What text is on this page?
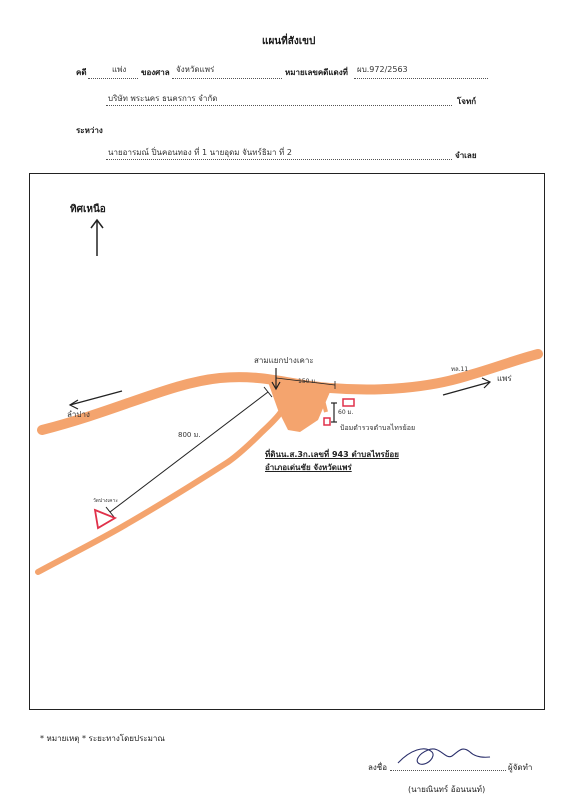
แผนที่สังเขป
คดี	แพ่ง ของศาล จังหวัดแพร่	หมายเลขคดีแดงที่ ผบ.972/2563
บริษัท พระนคร ธนครการ จำกัด	โจทก์
ระหว่าง
นายอารมณ์ ปิ่นคอนทอง ที่ 1 นายอุดม จันทร์ธิมา ที่ 2	จำเลย
ทิศเหนือ
สามแยกปางเคาะ
150 ม.
ทล.11
แพร่
ลำปาง	60 ม.
ป้อมตำรวจตำบลไทรย้อย
800 ม.
วัดปางเคาะ
ที่ดินน.ส.3ก.เลขที่ 943 ตำบลไทรย้อย
อำเภอเด่นชัย จังหวัดแพร่
* หมายเหตุ * ระยะทางโดยประมาณ
ลงชื่อ	ผู้จัดทำ
(นายณินทร์ อ้อนนนท์)
